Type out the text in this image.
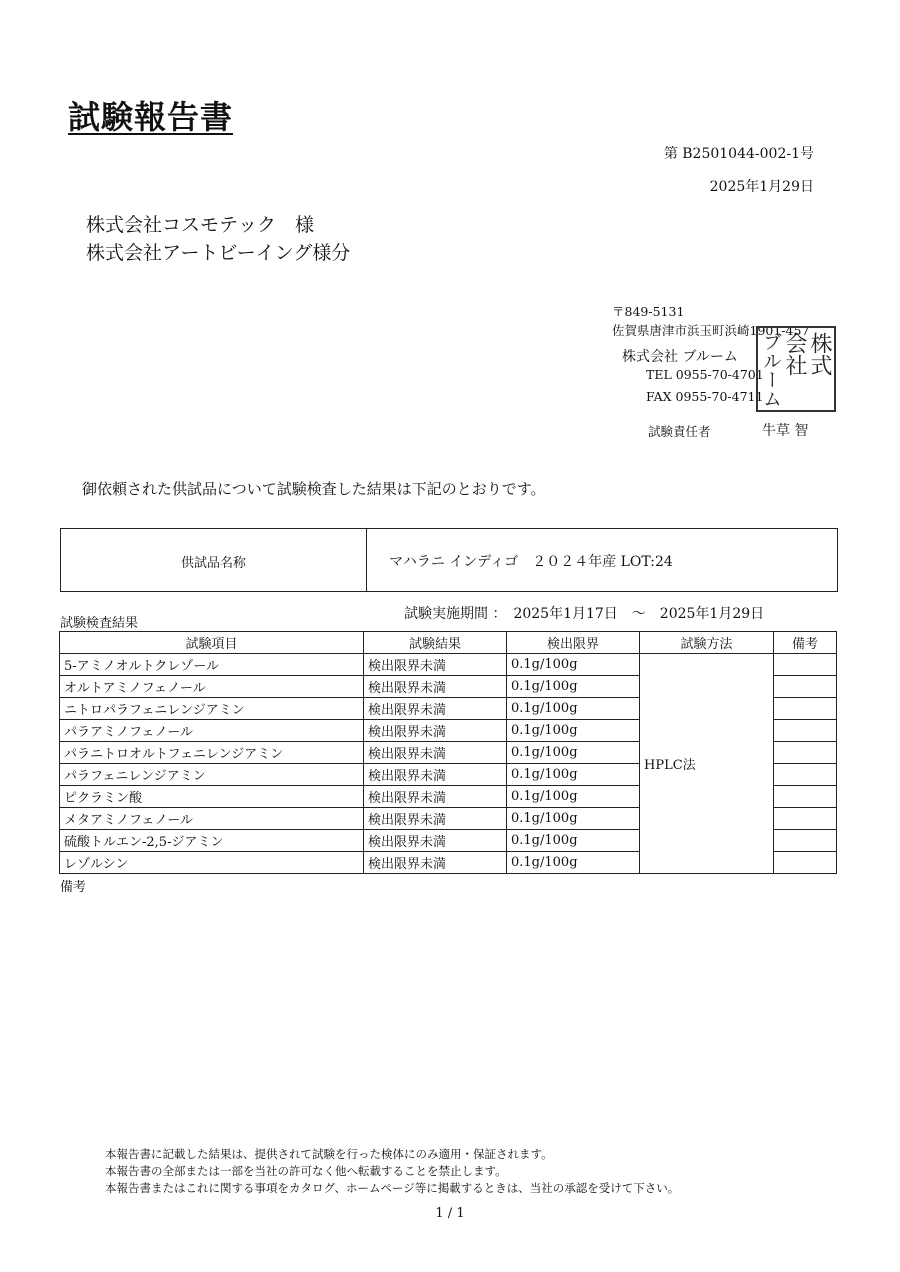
試験報告書
第 B2501044-002-1号
2025年1月29日
株式会社コスモテック　様
株式会社アートビーイング様分
〒849-5131
佐賀県唐津市浜玉町浜崎1901-457
株式会社 ブルーム
TEL 0955-70-4701
FAX 0955-70-4711
試験責任者	牛草 智
株式
会社
ブルーム
御依頼された供試品について試験検査した結果は下記のとおりです。
供試品名称	マハラニ インディゴ　２０２４年産 LOT:24
試験検査結果
試験実施期間 ：　2025年1月17日　～　2025年1月29日
試験項目	試験結果	検出限界	試験方法	備考
5-アミノオルトクレゾール	検出限界未満	0.1g/100g	HPLC法	
オルトアミノフェノール	検出限界未満	0.1g/100g		
ニトロパラフェニレンジアミン	検出限界未満	0.1g/100g		
パラアミノフェノール	検出限界未満	0.1g/100g		
パラニトロオルトフェニレンジアミン	検出限界未満	0.1g/100g		
パラフェニレンジアミン	検出限界未満	0.1g/100g		
ピクラミン酸	検出限界未満	0.1g/100g		
メタアミノフェノール	検出限界未満	0.1g/100g		
硫酸トルエン-2,5-ジアミン	検出限界未満	0.1g/100g		
レゾルシン	検出限界未満	0.1g/100g		
備考
本報告書に記載した結果は、提供されて試験を行った検体にのみ適用・保証されます。
本報告書の全部または一部を当社の許可なく他へ転載することを禁止します。
本報告書またはこれに関する事項をカタログ、ホームページ等に掲載するときは、当社の承認を受けて下さい。
1 / 1
